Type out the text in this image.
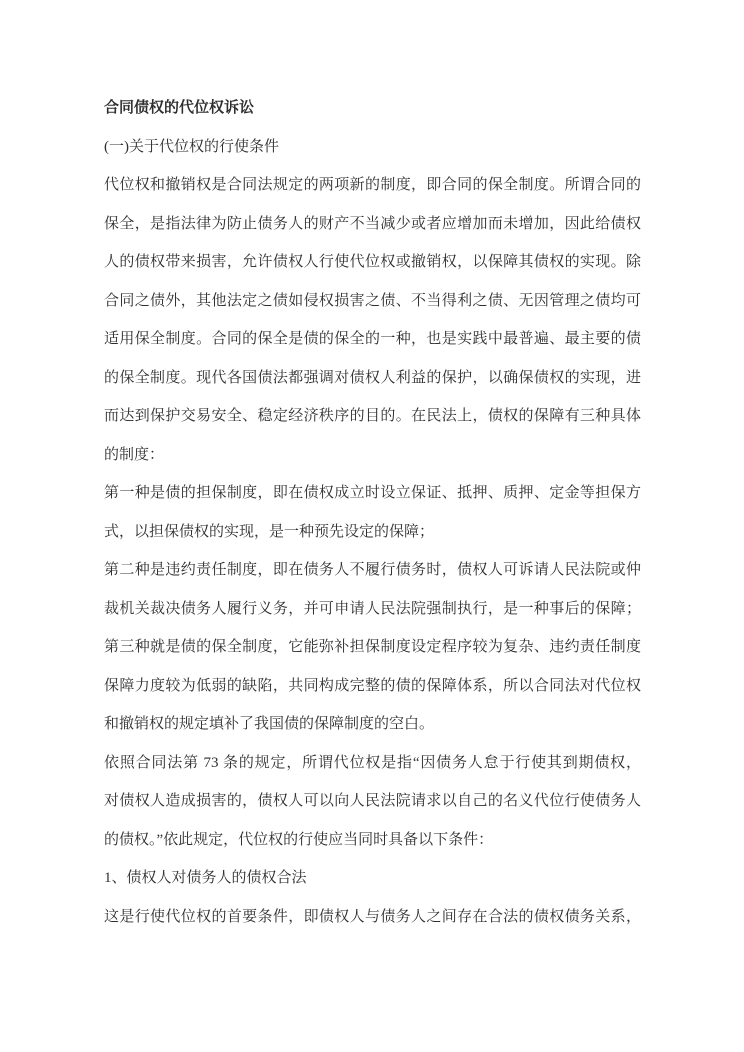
合同债权的代位权诉讼
(一)关于代位权的行使条件
代位权和撤销权是合同法规定的两项新的制度，即合同的保全制度。所谓合同的
保全，是指法律为防止债务人的财产不当减少或者应增加而未增加，因此给债权
人的债权带来损害，允许债权人行使代位权或撤销权，以保障其债权的实现。除
合同之债外，其他法定之债如侵权损害之债、不当得利之债、无因管理之债均可
适用保全制度。合同的保全是债的保全的一种，也是实践中最普遍、最主要的债
的保全制度。现代各国债法都强调对债权人利益的保护，以确保债权的实现，进
而达到保护交易安全、稳定经济秩序的目的。在民法上，债权的保障有三种具体
的制度：
第一种是债的担保制度，即在债权成立时设立保证、抵押、质押、定金等担保方
式，以担保债权的实现，是一种预先设定的保障；
第二种是违约责任制度，即在债务人不履行债务时，债权人可诉请人民法院或仲
裁机关裁决债务人履行义务，并可申请人民法院强制执行，是一种事后的保障；
第三种就是债的保全制度，它能弥补担保制度设定程序较为复杂、违约责任制度
保障力度较为低弱的缺陷，共同构成完整的债的保障体系，所以合同法对代位权
和撤销权的规定填补了我国债的保障制度的空白。
依照合同法第 73 条的规定，所谓代位权是指“因债务人怠于行使其到期债权，
对债权人造成损害的，债权人可以向人民法院请求以自己的名义代位行使债务人
的债权。”依此规定，代位权的行使应当同时具备以下条件：
1、债权人对债务人的债权合法
这是行使代位权的首要条件，即债权人与债务人之间存在合法的债权债务关系，
